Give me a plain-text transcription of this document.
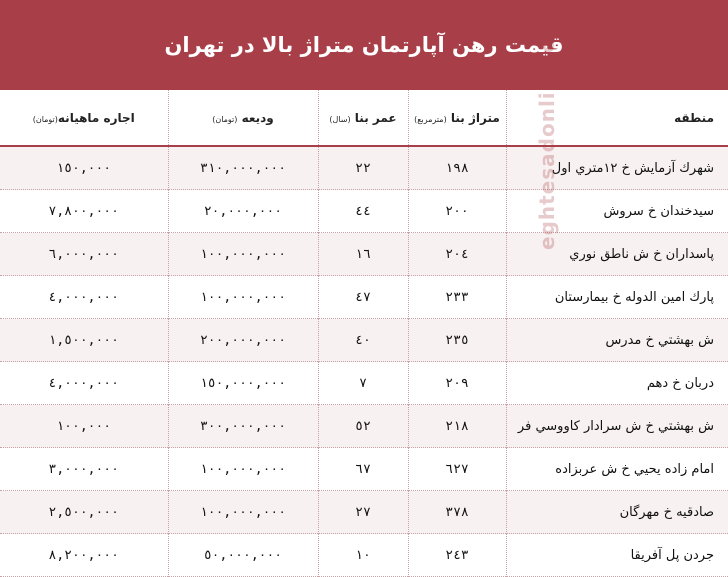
قیمت رهن آپارتمان متراژ بالا در تهران
منطقه	متراژ بنا (مترمربع)	عمر بنا (سال)	ودیعه (تومان)	اجاره ماهیانه(تومان)
شهرك آزمايش خ ١٢متري اول	١٩٨	٢٢	٣١٠,٠٠٠,٠٠٠	١٥٠,٠٠٠
سيدخندان خ سروش	٢٠٠	٤٤	٢٠,٠٠٠,٠٠٠	٧,٨٠٠,٠٠٠
پاسداران خ ش ناطق نوري	٢٠٤	١٦	١٠٠,٠٠٠,٠٠٠	٦,٠٠٠,٠٠٠
پارك امين الدوله خ بيمارستان	٢٣٣	٤٧	١٠٠,٠٠٠,٠٠٠	٤,٠٠٠,٠٠٠
ش بهشتي خ مدرس	٢٣٥	٤٠	٢٠٠,٠٠٠,٠٠٠	١,٥٠٠,٠٠٠
دربان خ دهم	٢٠٩	٧	١٥٠,٠٠٠,٠٠٠	٤,٠٠٠,٠٠٠
ش بهشتي خ ش سرادار كاووسي فر	٢١٨	٥٢	٣٠٠,٠٠٠,٠٠٠	١٠٠,٠٠٠
امام زاده يحيي خ ش عربزاده	٦٢٧	٦٧	١٠٠,٠٠٠,٠٠٠	٣,٠٠٠,٠٠٠
صادقيه خ مهرگان	٣٧٨	٢٧	١٠٠,٠٠٠,٠٠٠	٢,٥٠٠,٠٠٠
جردن پل آفريقا	٢٤٣	١٠	٥٠,٠٠٠,٠٠٠	٨,٢٠٠,٠٠٠
eghtesadonline.com
